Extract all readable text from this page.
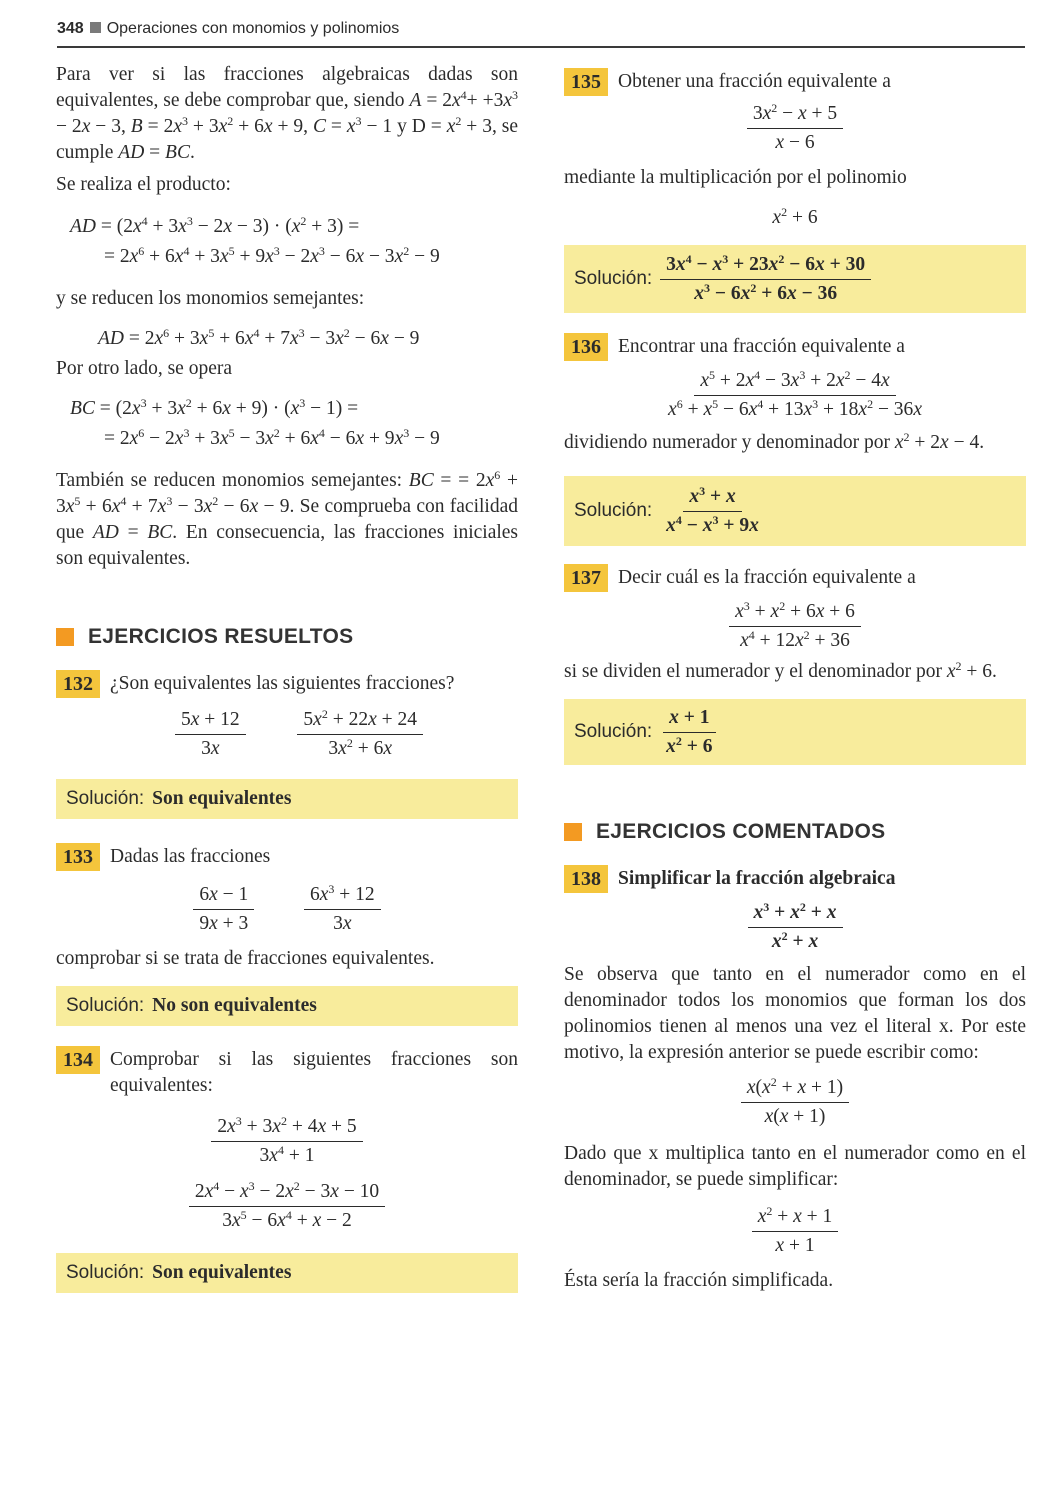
348 Operaciones con monomios y polinomios

Para ver si las fracciones algebraicas dadas son equivalentes, se debe comprobar que, siendo $A = 2x^4+ +3x^3 - 2x - 3$, $B = 2x^3 + 3x^2 + 6x + 9$, $C = x^3 - 1$ y $D = x^2 + 3$, se cumple AD = BC.

Se realiza el producto:

AD = $(2x^4 + 3x^3 - 2x - 3) \cdot (x^2 + 3)$ =
= $2x^6 + 6x^4 + 3x^5 + 9x^3 - 2x^3 - 6x - 3x^2 - 9$

y se reducen los monomios semejantes:

AD = $2x^6 + 3x^5 + 6x^4 + 7x^3 - 3x^2 - 6x - 9$

Por otro lado, se opera

BC = $(2x^3 + 3x^2 + 6x + 9) \cdot (x^3 - 1)$ =
= $2x^6 - 2x^3 + 3x^5 - 3x^2 + 6x^4 - 6x + 9x^3 - 9$

También se reducen monomios semejantes: BC = = $2x^6 + 3x^5 + 6x^4 + 7x^3 - 3x^2 - 6x - 9$. Se comprueba con facilidad que AD = BC. En consecuencia, las fracciones iniciales son equivalentes.

EJERCICIOS RESUELTOS
132 ¿Son equivalentes las siguientes fracciones?
$\frac{5x + 12}{3x}$
	$\frac{5x^2 + 22x + 24}{3x^2 + 6x}$
Solución: Son equivalentes
133 Dadas las fracciones
$\frac{6x - 1}{9x + 3}$
	$\frac{6x^3 + 12}{3x}$

comprobar si se trata de fracciones equivalentes.

Solución: No son equivalentes
134 Comprobar si las siguientes fracciones son equivalentes:
$\frac{2x^3 + 3x^2 + 4x + 5}{3x^4 + 1}$
$\frac{2x^4 - x^3 - 2x^2 - 3x - 10}{3x^5 - 6x^4 + x - 2}$
Solución: Son equivalentes
135 Obtener una fracción equivalente a
$\frac{3x^2 - x + 5}{x - 6}$

mediante la multiplicación por el polinomio

$x^2 + 6$
Solución: $\frac{3x^4 - x^3 + 23x^2 - 6x + 30}{x^3 - 6x^2 + 6x - 36}$
136 Encontrar una fracción equivalente a
$\frac{x^5 + 2x^4 - 3x^3 + 2x^2 - 4x}{x^6 + x^5 - 6x^4 + 13x^3 + 18x^2 - 36x}$

dividiendo numerador y denominador por $x^2 + 2x - 4$.

Solución: $\frac{x^3 + x}{x^4 - x^3 + 9x}$
137 Decir cuál es la fracción equivalente a
$\frac{x^3 + x^2 + 6x + 6}{x^4 + 12x^2 + 36}$

si se dividen el numerador y el denominador por $x^2 + 6$.

Solución: $\frac{x + 1}{x^2 + 6}$
EJERCICIOS COMENTADOS
138 Simplificar la fracción algebraica
$\frac{x^3 + x^2 + x}{x^2 + x}$

Se observa que tanto en el numerador como en el denominador todos los monomios que forman los dos polinomios tienen al menos una vez el literal x. Por este motivo, la expresión anterior se puede escribir como:

$\frac{x(x^2 + x + 1)}{x(x + 1)}$

Dado que x multiplica tanto en el numerador como en el denominador, se puede simplificar:

$\frac{x^2 + x + 1}{x + 1}$

Ésta sería la fracción simplificada.
